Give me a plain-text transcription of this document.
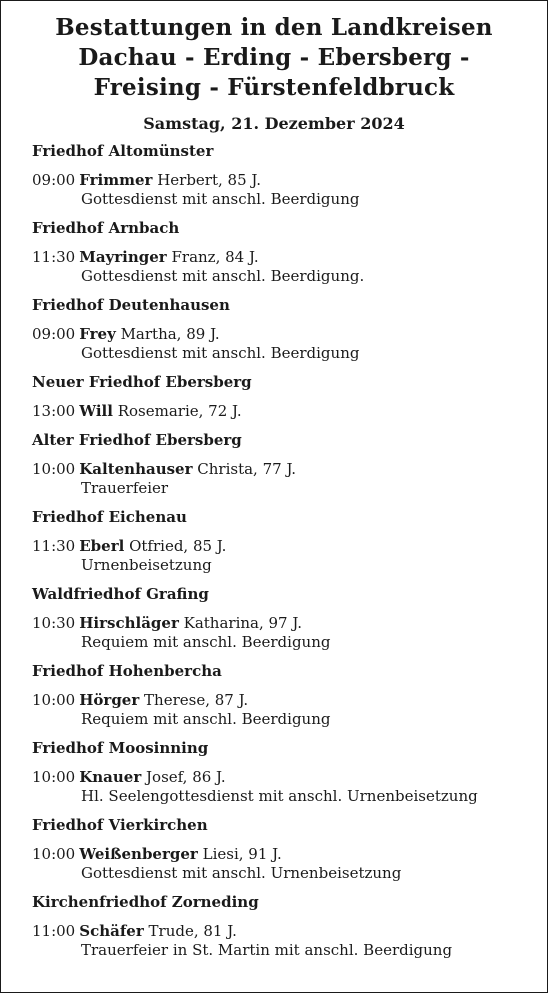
Bestattungen in den Landkreisen
Dachau - Erding - Ebersberg -
Freising - Fürstenfeldbruck
Samstag, 21. Dezember 2024
Friedhof Altomünster
09:00 Frimmer Herbert, 85 J.
Gottesdienst mit anschl. Beerdigung
Friedhof Arnbach
11:30 Mayringer Franz, 84 J.
Gottesdienst mit anschl. Beerdigung.
Friedhof Deutenhausen
09:00 Frey Martha, 89 J.
Gottesdienst mit anschl. Beerdigung
Neuer Friedhof Ebersberg
13:00 Will Rosemarie, 72 J.
Alter Friedhof Ebersberg
10:00 Kaltenhauser Christa, 77 J.
Trauerfeier
Friedhof Eichenau
11:30 Eberl Otfried, 85 J.
Urnenbeisetzung
Waldfriedhof Grafing
10:30 Hirschläger Katharina, 97 J.
Requiem mit anschl. Beerdigung
Friedhof Hohenbercha
10:00 Hörger Therese, 87 J.
Requiem mit anschl. Beerdigung
Friedhof Moosinning
10:00 Knauer Josef, 86 J.
Hl. Seelengottesdienst mit anschl. Urnenbeisetzung
Friedhof Vierkirchen
10:00 Weißenberger Liesi, 91 J.
Gottesdienst mit anschl. Urnenbeisetzung
Kirchenfriedhof Zorneding
11:00 Schäfer Trude, 81 J.
Trauerfeier in St. Martin mit anschl. Beerdigung
